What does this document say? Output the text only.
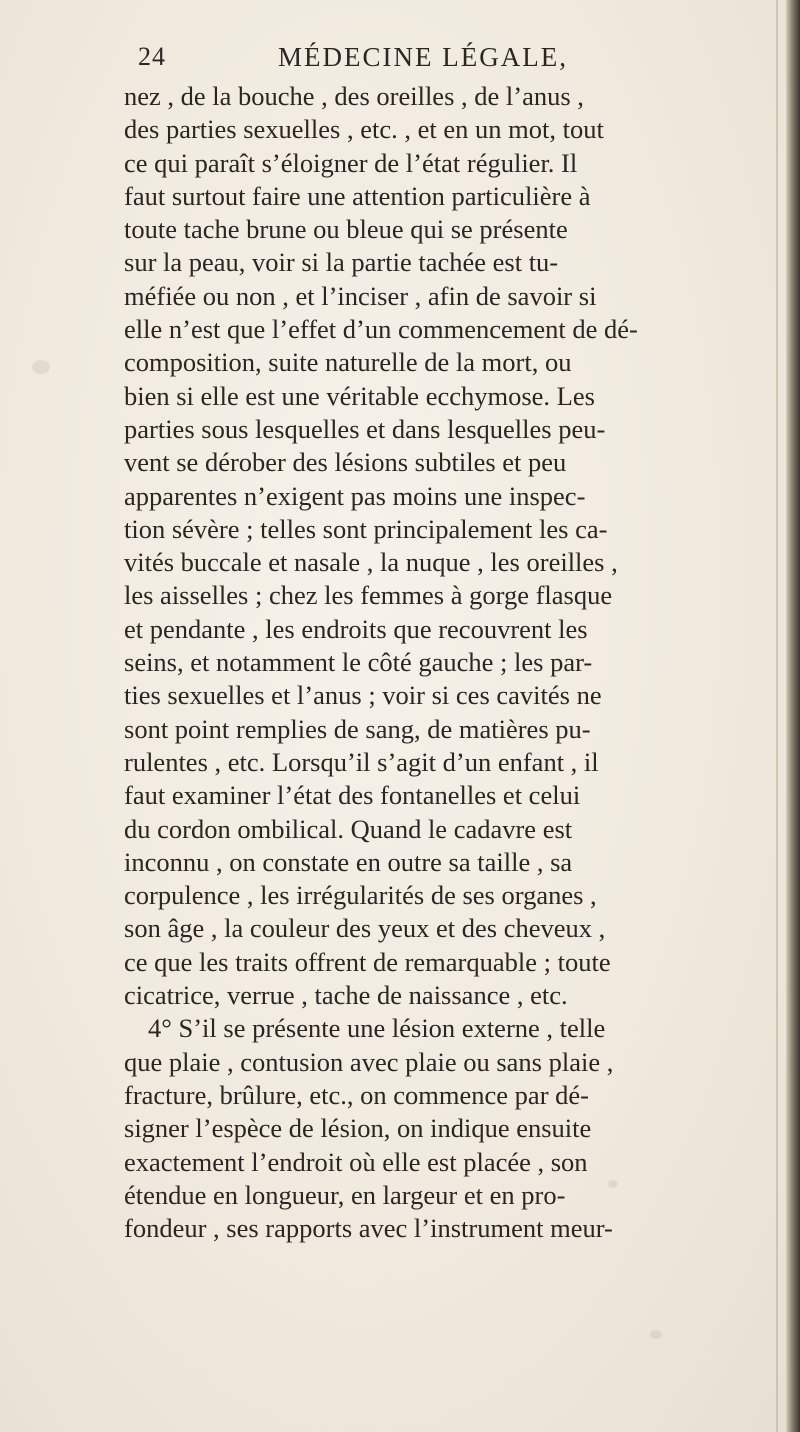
24	MÉDECINE LÉGALE,
nez , de la bouche , des oreilles , de l’anus ,
des parties sexuelles , etc. , et en un mot, tout
ce qui paraît s’éloigner de l’état régulier. Il
faut surtout faire une attention particulière à
toute tache brune ou bleue qui se présente
sur la peau, voir si la partie tachée est tu-
méfiée ou non , et l’inciser , afin de savoir si
elle n’est que l’effet d’un commencement de dé-
composition, suite naturelle de la mort, ou
bien si elle est une véritable ecchymose. Les
parties sous lesquelles et dans lesquelles peu-
vent se dérober des lésions subtiles et peu
apparentes n’exigent pas moins une inspec-
tion sévère ; telles sont principalement les ca-
vités buccale et nasale , la nuque , les oreilles ,
les aisselles ; chez les femmes à gorge flasque
et pendante , les endroits que recouvrent les
seins, et notamment le côté gauche ; les par-
ties sexuelles et l’anus ; voir si ces cavités ne
sont point remplies de sang, de matières pu-
rulentes , etc. Lorsqu’il s’agit d’un enfant , il
faut examiner l’état des fontanelles et celui
du cordon ombilical. Quand le cadavre est
inconnu , on constate en outre sa taille , sa
corpulence , les irrégularités de ses organes ,
son âge , la couleur des yeux et des cheveux ,
ce que les traits offrent de remarquable ; toute
cicatrice, verrue , tache de naissance , etc.
4° S’il se présente une lésion externe , telle
que plaie , contusion avec plaie ou sans plaie ,
fracture, brûlure, etc., on commence par dé-
signer l’espèce de lésion, on indique ensuite
exactement l’endroit où elle est placée , son
étendue en longueur, en largeur et en pro-
fondeur , ses rapports avec l’instrument meur-
